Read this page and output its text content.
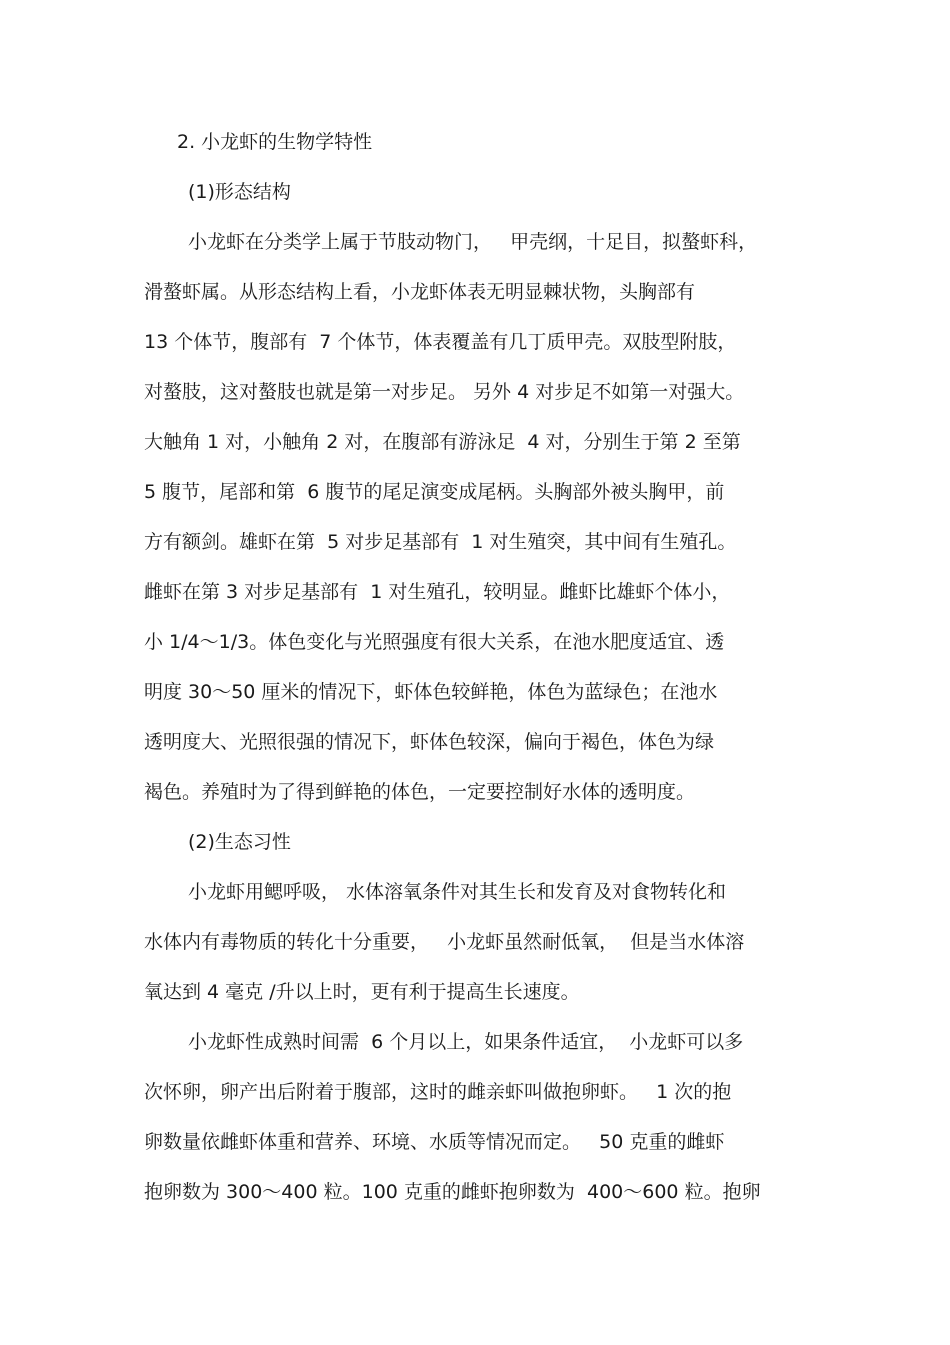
2. 小龙虾的生物学特性
(1)形态结构
小龙虾在分类学上属于节肢动物门，   甲壳纲，十足目，拟螯虾科，
滑螯虾属。从形态结构上看，小龙虾体表无明显棘状物，头胸部有
13 个体节，腹部有  7 个体节，体表覆盖有几丁质甲壳。双肢型附肢，
对螯肢，这对螯肢也就是第一对步足。 另外 4 对步足不如第一对强大。
大触角 1 对，小触角 2 对，在腹部有游泳足  4 对，分别生于第 2 至第
5 腹节，尾部和第  6 腹节的尾足演变成尾柄。头胸部外被头胸甲，前
方有额剑。雄虾在第  5 对步足基部有  1 对生殖突，其中间有生殖孔。
雌虾在第 3 对步足基部有  1 对生殖孔，较明显。雌虾比雄虾个体小，
小 1/4～1/3。体色变化与光照强度有很大关系，在池水肥度适宜、透
明度 30～50 厘米的情况下，虾体色较鲜艳，体色为蓝绿色；在池水
透明度大、光照很强的情况下，虾体色较深，偏向于褐色，体色为绿
褐色。养殖时为了得到鲜艳的体色，一定要控制好水体的透明度。
(2)生态习性
小龙虾用鳃呼吸， 水体溶氧条件对其生长和发育及对食物转化和
水体内有毒物质的转化十分重要，   小龙虾虽然耐低氧，  但是当水体溶
氧达到 4 毫克 /升以上时，更有利于提高生长速度。
小龙虾性成熟时间需  6 个月以上，如果条件适宜，  小龙虾可以多
次怀卵，卵产出后附着于腹部，这时的雌亲虾叫做抱卵虾。   1 次的抱
卵数量依雌虾体重和营养、环境、水质等情况而定。   50 克重的雌虾
抱卵数为 300～400 粒。100 克重的雌虾抱卵数为  400～600 粒。抱卵
